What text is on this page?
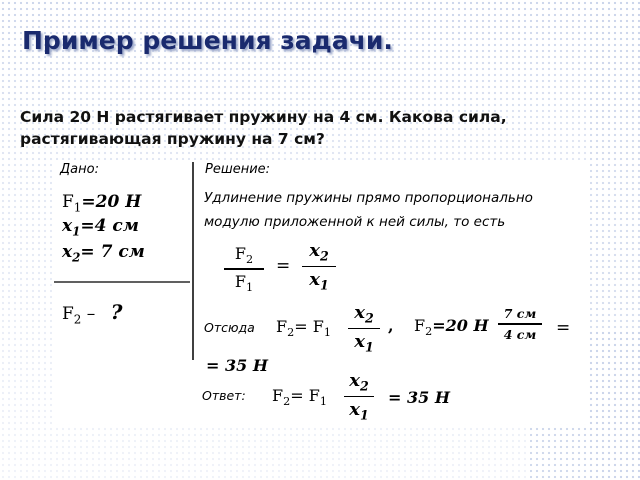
Пример решения задачи.
Сила 20 Н растягивает пружину на 4 см. Какова сила, растягивающая пружину на 7 см?
Дано:
$F_1=20$ Н
$x_1=4$ см
$x_2= 7$ см
$F_2$ – ?
Решение:
Удлинение пружины прямо пропорционально
модулю приложенной к ней силы, то есть
$F_2$
$F_1$
=
$x_2$
$x_1$
Отсюда $F_2= F_1$
$x_2$
$x_1$
, $F_2=20$ Н
7 см
4 см	=
= 35 Н
Ответ: $F_2= F_1$
$x_2$
$x_1$
= 35 Н
